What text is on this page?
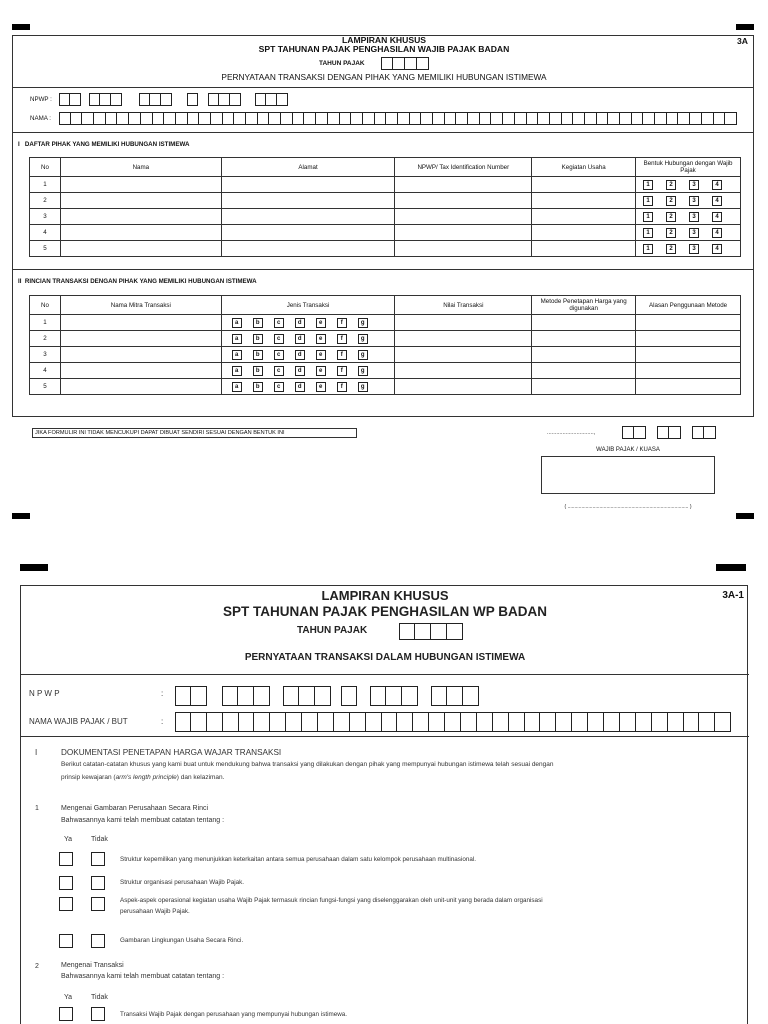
LAMPIRAN KHUSUS	3A
SPT TAHUNAN PAJAK PENGHASILAN WAJIB PAJAK BADAN
TAHUN PAJAK
PERNYATAAN TRANSAKSI DENGAN PIHAK YANG MEMILIKI HUBUNGAN ISTIMEWA
NPWP :
NAMA :
I   DAFTAR PIHAK YANG MEMILIKI HUBUNGAN ISTIMEWA
No	Nama	Alamat	NPWP/ Tax Identification Number	Kegiatan Usaha	Bentuk Hubungan dengan Wajib Pajak
1					1 2 3 4
2					1 2 3 4
3					1 2 3 4
4					1 2 3 4
5					1 2 3 4
II  RINCIAN TRANSAKSI DENGAN PIHAK YANG MEMILIKI HUBUNGAN ISTIMEWA
No	Nama Mitra Transaksi	Jenis Transaksi	Nilai Transaksi	Metode Penetapan Harga yang digunakan	Alasan Penggunaan Metode
1		a b c d e f g			
2		a b c d e f g			
3		a b c d e f g			
4		a b c d e f g			
5		a b c d e f g			
JIKA FORMULIR INI TIDAK MENCUKUPI DAPAT DIBUAT SENDIRI SESUAI DENGAN BENTUK INI	..............................,
WAJIB PAJAK / KUASA
( ....................................................................................... )
LAMPIRAN KHUSUS	3A-1
SPT TAHUNAN PAJAK PENGHASILAN WP BADAN
TAHUN PAJAK
PERNYATAAN TRANSAKSI DALAM HUBUNGAN ISTIMEWA
N P W P	:
NAMA WAJIB PAJAK / BUT	:
I	DOKUMENTASI PENETAPAN HARGA WAJAR TRANSAKSI
Berikut catatan-catatan khusus yang kami buat untuk mendukung bahwa transaksi yang dilakukan dengan pihak yang mempunyai hubungan istimewa telah sesuai dengan
prinsip kewajaran (arm's length principle) dan kelaziman.
1	Mengenai Gambaran Perusahaan Secara Rinci
Bahwasannya kami telah membuat catatan tentang :
Ya	Tidak
Struktur kepemilikan yang menunjukkan keterkaitan antara semua perusahaan dalam satu kelompok perusahaan multinasional.
Struktur organisasi perusahaan Wajib Pajak.
Aspek-aspek operasional kegiatan usaha Wajib Pajak termasuk rincian fungsi-fungsi yang diselenggarakan oleh unit-unit yang berada dalam organisasi
perusahaan Wajib Pajak.
Gambaran Lingkungan Usaha Secara Rinci.
2	Mengenai Transaksi
Bahwasannya kami telah membuat catatan tentang :
Ya	Tidak
Transaksi Wajib Pajak dengan perusahaan yang mempunyai hubungan istimewa.
